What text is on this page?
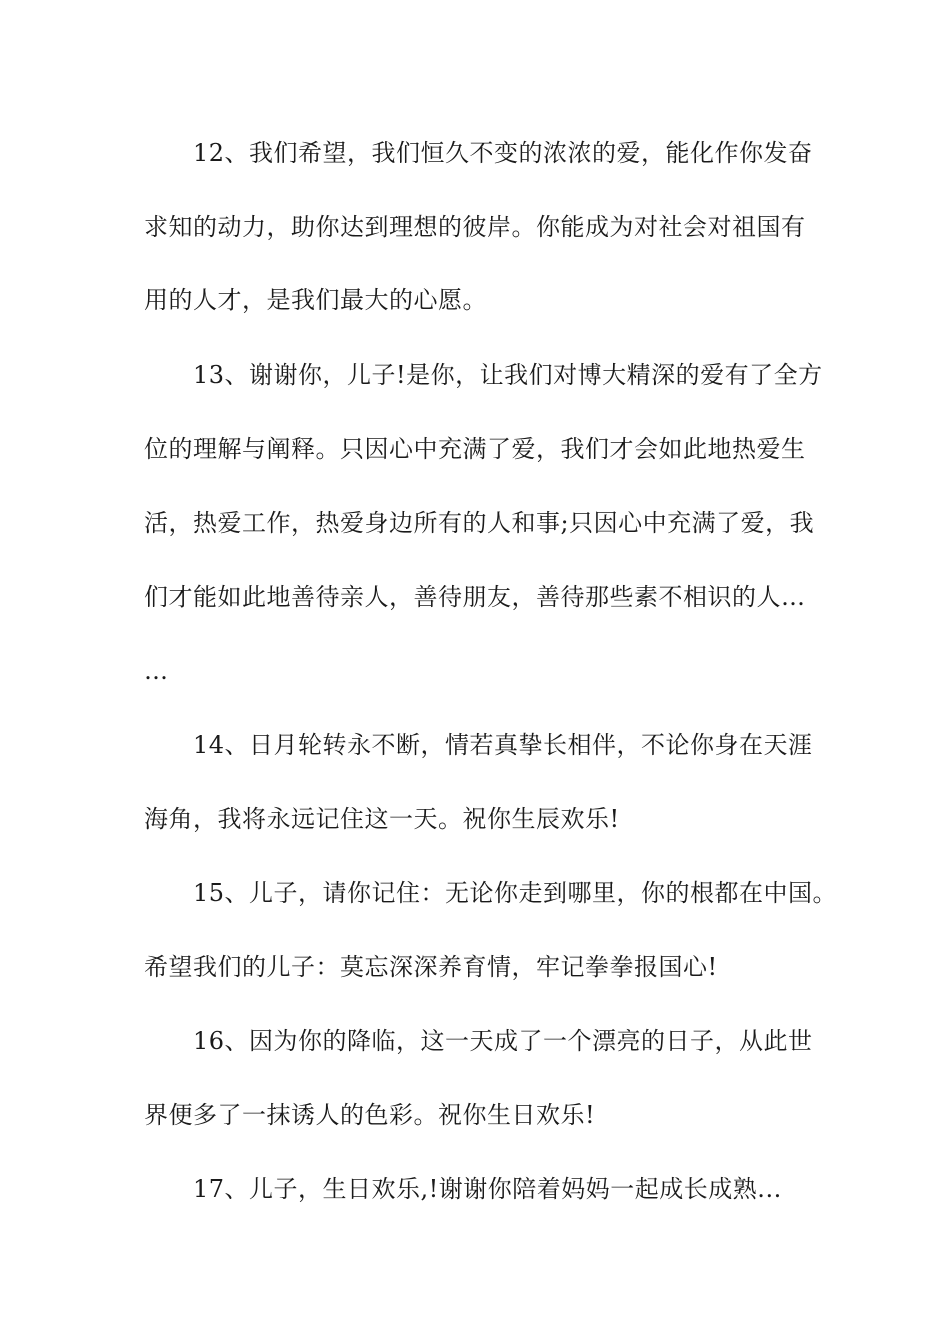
12、我们希望，我们恒久不变的浓浓的爱，能化作你发奋
求知的动力，助你达到理想的彼岸。你能成为对社会对祖国有
用的人才，是我们最大的心愿。
13、谢谢你，儿子!是你，让我们对博大精深的爱有了全方
位的理解与阐释。只因心中充满了爱，我们才会如此地热爱生
活，热爱工作，热爱身边所有的人和事;只因心中充满了爱，我
们才能如此地善待亲人，善待朋友，善待那些素不相识的人…
…
14、日月轮转永不断，情若真挚长相伴，不论你身在天涯
海角，我将永远记住这一天。祝你生辰欢乐!
15、儿子，请你记住：无论你走到哪里，你的根都在中国。
希望我们的儿子：莫忘深深养育情，牢记拳拳报国心!
16、因为你的降临，这一天成了一个漂亮的日子，从此世
界便多了一抹诱人的色彩。祝你生日欢乐!
17、儿子，生日欢乐,!谢谢你陪着妈妈一起成长成熟...
